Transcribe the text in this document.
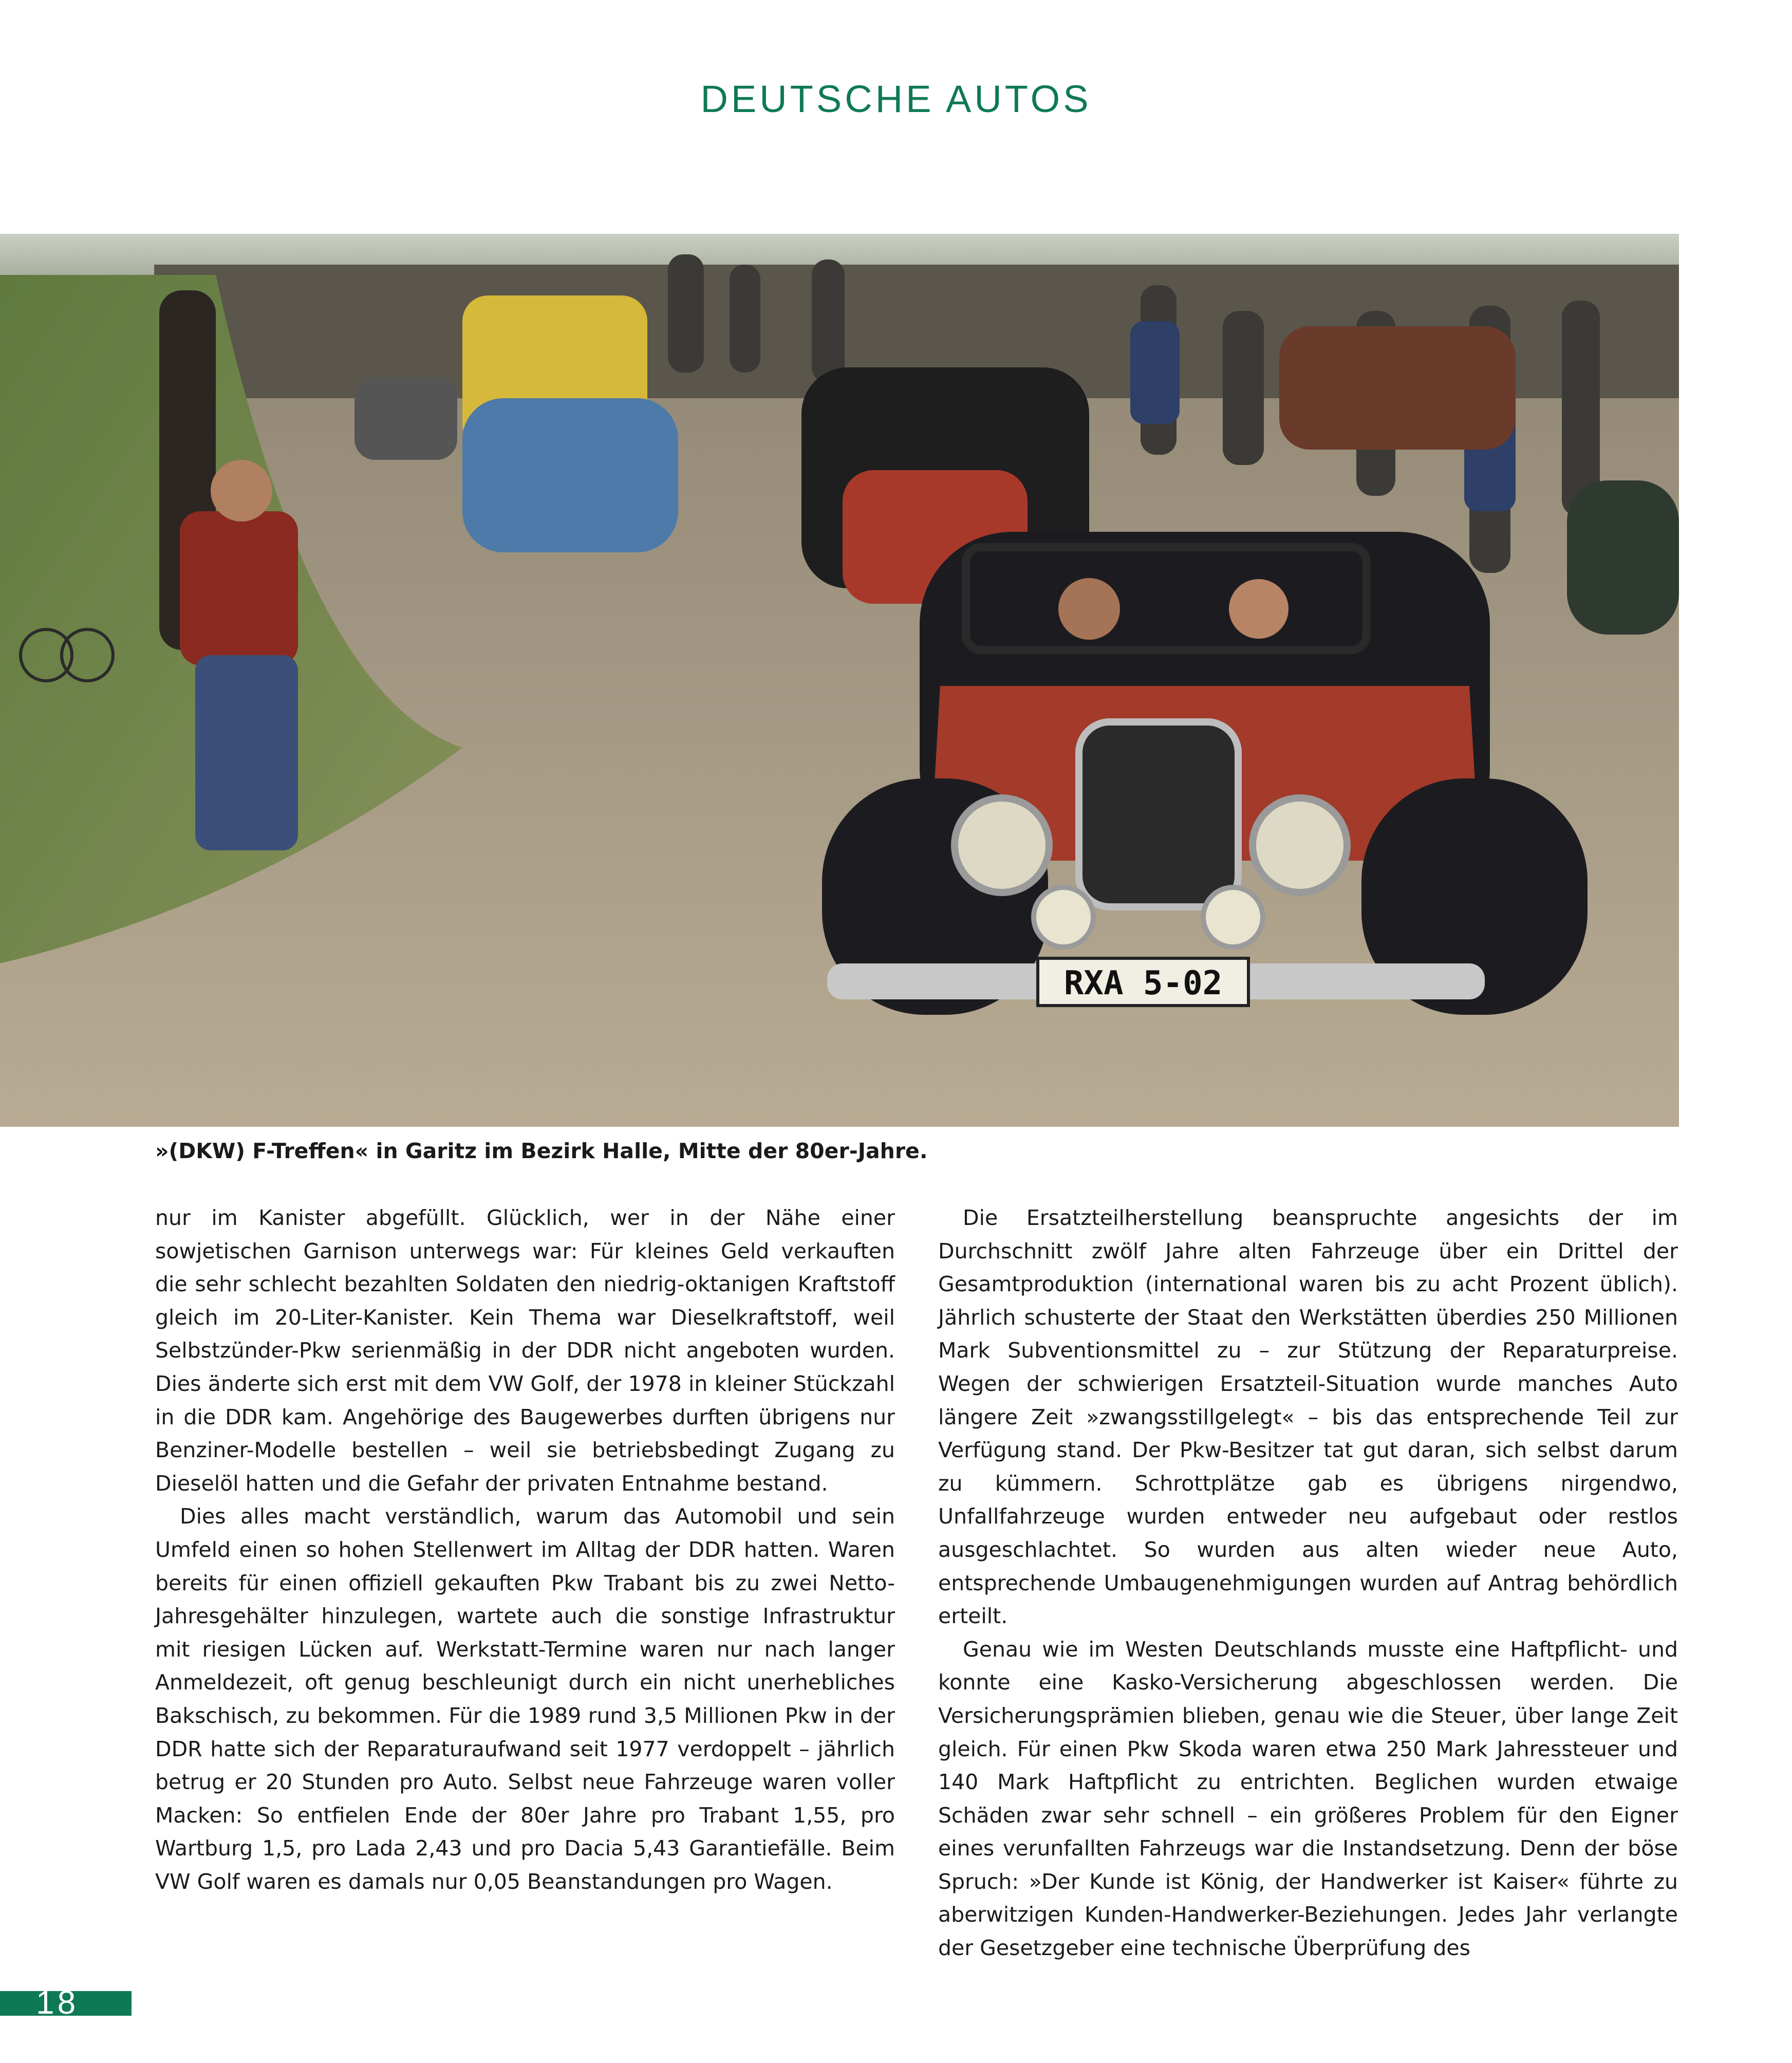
DEUTSCHE AUTOS
RXA 5-02
»(DKW) F-Treffen« in Garitz im Bezirk Halle, Mitte der 80er-Jahre.

nur im Kanister abgefüllt. Glücklich, wer in der Nähe einer sowjetischen Garnison unterwegs war: Für kleines Geld verkauften die sehr schlecht bezahlten Soldaten den niedrig-oktanigen Kraftstoff gleich im 20-Liter-Kanister. Kein Thema war Dieselkraftstoff, weil Selbstzünder-Pkw serienmäßig in der DDR nicht angeboten wurden. Dies änderte sich erst mit dem VW Golf, der 1978 in kleiner Stückzahl in die DDR kam. Angehörige des Baugewerbes durften übrigens nur Benziner-Modelle bestellen – weil sie betriebsbedingt Zugang zu Dieselöl hatten und die Gefahr der privaten Entnahme bestand.

Dies alles macht verständlich, warum das Automobil und sein Umfeld einen so hohen Stellenwert im Alltag der DDR hatten. Waren bereits für einen offiziell gekauften Pkw Trabant bis zu zwei Netto-Jahresgehälter hinzulegen, wartete auch die sonstige Infrastruktur mit riesigen Lücken auf. Werkstatt-Termine waren nur nach langer Anmeldezeit, oft genug beschleunigt durch ein nicht unerhebliches Bakschisch, zu bekommen. Für die 1989 rund 3,5 Millionen Pkw in der DDR hatte sich der Reparaturaufwand seit 1977 verdoppelt – jährlich betrug er 20 Stunden pro Auto. Selbst neue Fahrzeuge waren voller Macken: So entfielen Ende der 80er Jahre pro Trabant 1,55, pro Wartburg 1,5, pro Lada 2,43 und pro Dacia 5,43 Garantiefälle. Beim VW Golf waren es damals nur 0,05 Beanstandungen pro Wagen.

Die Ersatzteilherstellung beanspruchte angesichts der im Durchschnitt zwölf Jahre alten Fahrzeuge über ein Drittel der Gesamtproduktion (international waren bis zu acht Prozent üblich). Jährlich schusterte der Staat den Werkstätten überdies 250 Millionen Mark Subventionsmittel zu – zur Stützung der Reparaturpreise. Wegen der schwierigen Ersatzteil-Situation wurde manches Auto längere Zeit »zwangsstillgelegt« – bis das entsprechende Teil zur Verfügung stand. Der Pkw-Besitzer tat gut daran, sich selbst darum zu kümmern. Schrottplätze gab es übrigens nirgendwo, Unfallfahrzeuge wurden entweder neu aufgebaut oder restlos ausgeschlachtet. So wurden aus alten wieder neue Auto, entsprechende Umbaugenehmigungen wurden auf Antrag behördlich erteilt.

Genau wie im Westen Deutschlands musste eine Haftpflicht- und konnte eine Kasko-Versicherung abgeschlossen werden. Die Versicherungsprämien blieben, genau wie die Steuer, über lange Zeit gleich. Für einen Pkw Skoda waren etwa 250 Mark Jahressteuer und 140 Mark Haftpflicht zu entrichten. Beglichen wurden etwaige Schäden zwar sehr schnell – ein größeres Problem für den Eigner eines verunfallten Fahrzeugs war die Instandsetzung. Denn der böse Spruch: »Der Kunde ist König, der Handwerker ist Kaiser« führte zu aberwitzigen Kunden-Handwerker-Beziehungen. Jedes Jahr verlangte der Gesetzgeber eine technische Überprüfung des

18
